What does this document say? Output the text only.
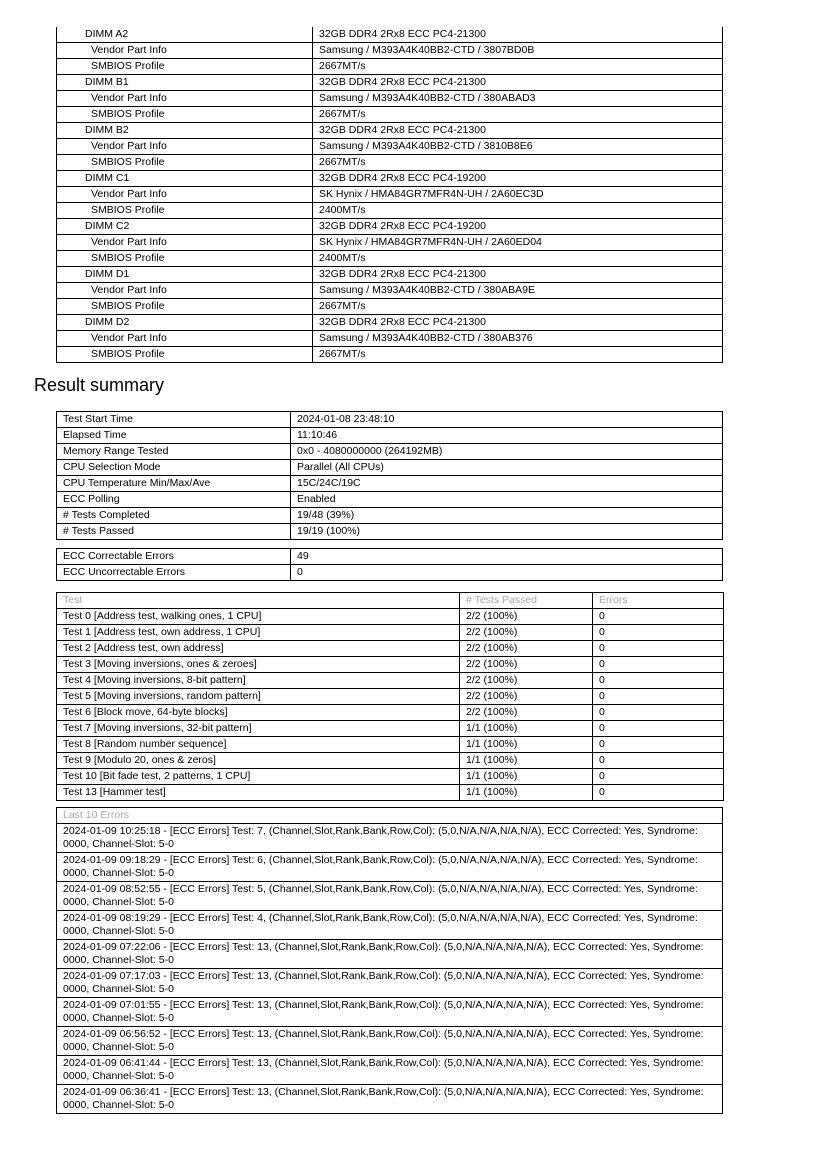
DIMM A2	32GB DDR4 2Rx8 ECC PC4-21300
Vendor Part Info	Samsung / M393A4K40BB2-CTD / 3807BD0B
SMBIOS Profile	2667MT/s
DIMM B1	32GB DDR4 2Rx8 ECC PC4-21300
Vendor Part Info	Samsung / M393A4K40BB2-CTD / 380ABAD3
SMBIOS Profile	2667MT/s
DIMM B2	32GB DDR4 2Rx8 ECC PC4-21300
Vendor Part Info	Samsung / M393A4K40BB2-CTD / 3810B8E6
SMBIOS Profile	2667MT/s
DIMM C1	32GB DDR4 2Rx8 ECC PC4-19200
Vendor Part Info	SK Hynix / HMA84GR7MFR4N-UH / 2A60EC3D
SMBIOS Profile	2400MT/s
DIMM C2	32GB DDR4 2Rx8 ECC PC4-19200
Vendor Part Info	SK Hynix / HMA84GR7MFR4N-UH / 2A60ED04
SMBIOS Profile	2400MT/s
DIMM D1	32GB DDR4 2Rx8 ECC PC4-21300
Vendor Part Info	Samsung / M393A4K40BB2-CTD / 380ABA9E
SMBIOS Profile	2667MT/s
DIMM D2	32GB DDR4 2Rx8 ECC PC4-21300
Vendor Part Info	Samsung / M393A4K40BB2-CTD / 380AB376
SMBIOS Profile	2667MT/s
Result summary
Test Start Time	2024-01-08 23:48:10
Elapsed Time	11:10:46
Memory Range Tested	0x0 - 4080000000 (264192MB)
CPU Selection Mode	Parallel (All CPUs)
CPU Temperature Min/Max/Ave	15C/24C/19C
ECC Polling	Enabled
# Tests Completed	19/48 (39%)
# Tests Passed	19/19 (100%)
ECC Correctable Errors	49
ECC Uncorrectable Errors	0
Test	# Tests Passed	Errors
Test 0 [Address test, walking ones, 1 CPU]	2/2 (100%)	0
Test 1 [Address test, own address, 1 CPU]	2/2 (100%)	0
Test 2 [Address test, own address]	2/2 (100%)	0
Test 3 [Moving inversions, ones & zeroes]	2/2 (100%)	0
Test 4 [Moving inversions, 8-bit pattern]	2/2 (100%)	0
Test 5 [Moving inversions, random pattern]	2/2 (100%)	0
Test 6 [Block move, 64-byte blocks]	2/2 (100%)	0
Test 7 [Moving inversions, 32-bit pattern]	1/1 (100%)	0
Test 8 [Random number sequence]	1/1 (100%)	0
Test 9 [Modulo 20, ones & zeros]	1/1 (100%)	0
Test 10 [Bit fade test, 2 patterns, 1 CPU]	1/1 (100%)	0
Test 13 [Hammer test]	1/1 (100%)	0
Last 10 Errors
2024-01-09 10:25:18 - [ECC Errors] Test: 7, (Channel,Slot,Rank,Bank,Row,Col): (5,0,N/A,N/A,N/A,N/A), ECC Corrected: Yes, Syndrome: 0000, Channel-Slot: 5-0
2024-01-09 09:18:29 - [ECC Errors] Test: 6, (Channel,Slot,Rank,Bank,Row,Col): (5,0,N/A,N/A,N/A,N/A), ECC Corrected: Yes, Syndrome: 0000, Channel-Slot: 5-0
2024-01-09 08:52:55 - [ECC Errors] Test: 5, (Channel,Slot,Rank,Bank,Row,Col): (5,0,N/A,N/A,N/A,N/A), ECC Corrected: Yes, Syndrome: 0000, Channel-Slot: 5-0
2024-01-09 08:19:29 - [ECC Errors] Test: 4, (Channel,Slot,Rank,Bank,Row,Col): (5,0,N/A,N/A,N/A,N/A), ECC Corrected: Yes, Syndrome: 0000, Channel-Slot: 5-0
2024-01-09 07:22:06 - [ECC Errors] Test: 13, (Channel,Slot,Rank,Bank,Row,Col): (5,0,N/A,N/A,N/A,N/A), ECC Corrected: Yes, Syndrome: 0000, Channel-Slot: 5-0
2024-01-09 07:17:03 - [ECC Errors] Test: 13, (Channel,Slot,Rank,Bank,Row,Col): (5,0,N/A,N/A,N/A,N/A), ECC Corrected: Yes, Syndrome: 0000, Channel-Slot: 5-0
2024-01-09 07:01:55 - [ECC Errors] Test: 13, (Channel,Slot,Rank,Bank,Row,Col): (5,0,N/A,N/A,N/A,N/A), ECC Corrected: Yes, Syndrome: 0000, Channel-Slot: 5-0
2024-01-09 06:56:52 - [ECC Errors] Test: 13, (Channel,Slot,Rank,Bank,Row,Col): (5,0,N/A,N/A,N/A,N/A), ECC Corrected: Yes, Syndrome: 0000, Channel-Slot: 5-0
2024-01-09 06:41:44 - [ECC Errors] Test: 13, (Channel,Slot,Rank,Bank,Row,Col): (5,0,N/A,N/A,N/A,N/A), ECC Corrected: Yes, Syndrome: 0000, Channel-Slot: 5-0
2024-01-09 06:36:41 - [ECC Errors] Test: 13, (Channel,Slot,Rank,Bank,Row,Col): (5,0,N/A,N/A,N/A,N/A), ECC Corrected: Yes, Syndrome: 0000, Channel-Slot: 5-0
